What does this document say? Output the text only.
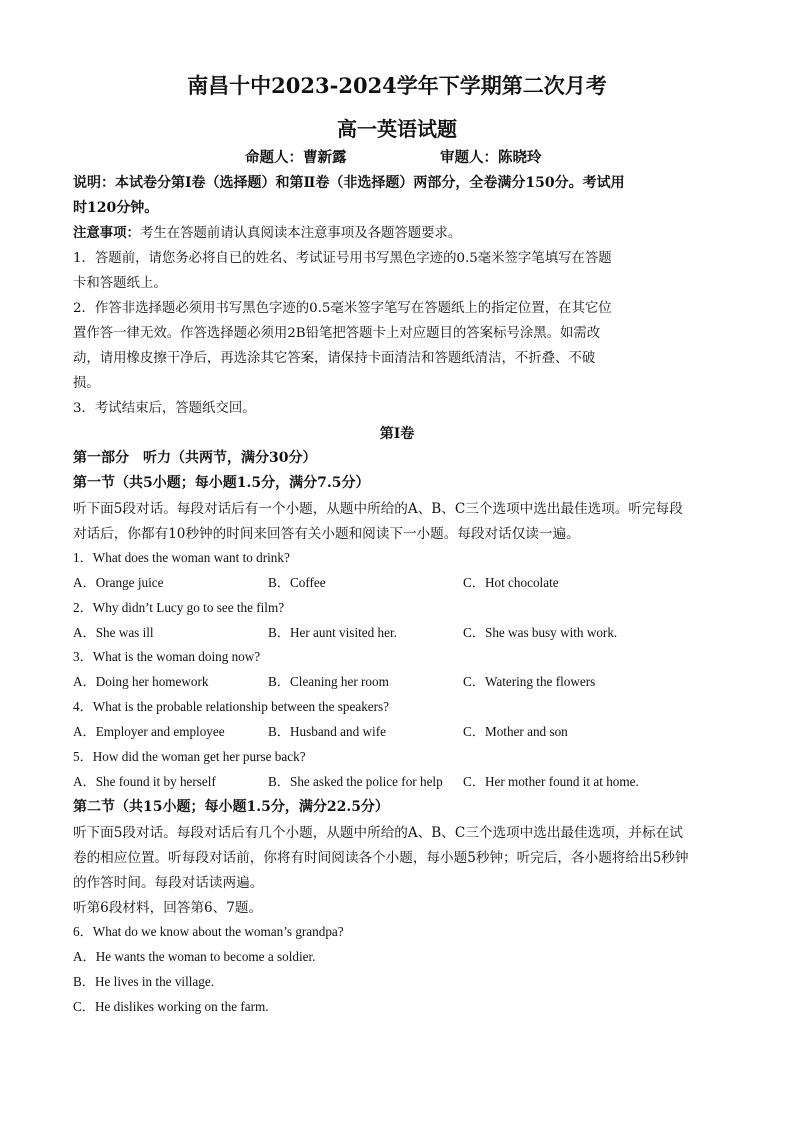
南昌十中2023-2024学年下学期第二次月考
高一英语试题
命题人：曹新露	审题人：陈晓玲
说明：本试卷分第Ⅰ卷（选择题）和第Ⅱ卷（非选择题）两部分，全卷满分150分。考试用
时120分钟。
注意事项：考生在答题前请认真阅读本注意事项及各题答题要求。
1．答题前，请您务必将自已的姓名、考试证号用书写黑色字迹的0.5毫米签字笔填写在答题
卡和答题纸上。
2．作答非选择题必须用书写黑色字迹的0.5毫米签字笔写在答题纸上的指定位置，在其它位
置作答一律无效。作答选择题必须用2B铅笔把答题卡上对应题目的答案标号涂黑。如需改
动，请用橡皮擦干净后，再选涂其它答案，请保持卡面清洁和答题纸清洁，不折叠、不破
损。
3．考试结束后，答题纸交回。
第Ⅰ卷
第一部分　听力（共两节，满分30分）
第一节（共5小题；每小题1.5分，满分7.5分）
听下面5段对话。每段对话后有一个小题，从题中所给的A、B、C三个选项中选出最佳选项。听完每段
对话后，你都有10秒钟的时间来回答有关小题和阅读下一小题。每段对话仅读一遍。
1．What does the woman want to drink?
A．Orange juice	B．Coffee	C．Hot chocolate
2．Why didn’t Lucy go to see the film?
A．She was ill	B．Her aunt visited her.	C．She was busy with work.
3．What is the woman doing now?
A．Doing her homework	B．Cleaning her room	C．Watering the flowers
4．What is the probable relationship between the speakers?
A．Employer and employee	B．Husband and wife	C．Mother and son
5．How did the woman get her purse back?
A．She found it by herself	B．She asked the police for help C．Her mother found it at home.
第二节（共15小题；每小题1.5分，满分22.5分）
听下面5段对话。每段对话后有几个小题，从题中所给的A、B、C三个选项中选出最佳选项，并标在试
卷的相应位置。听每段对话前，你将有时间阅读各个小题，每小题5秒钟；听完后，各小题将给出5秒钟
的作答时间。每段对话读两遍。
听第6段材料，回答第6、7题。
6．What do we know about the woman’s grandpa?
A．He wants the woman to become a soldier.
B．He lives in the village.
C．He dislikes working on the farm.
